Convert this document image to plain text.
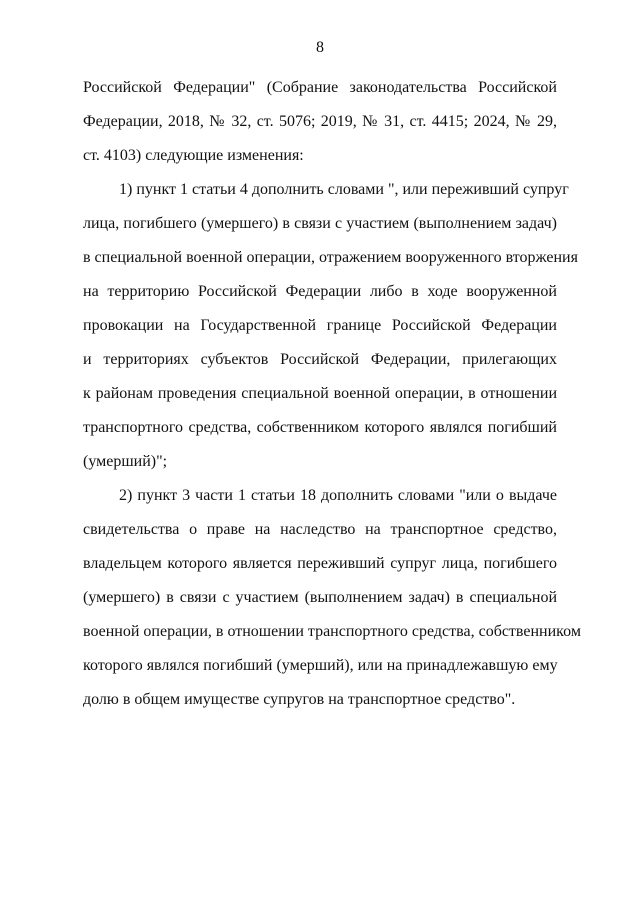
8
Российской Федерации" (Собрание законодательства Российской
Федерации, 2018, № 32, ст. 5076; 2019, № 31, ст. 4415; 2024, № 29,
ст. 4103) следующие изменения:
1) пункт 1 статьи 4 дополнить словами ", или переживший супруг
лица, погибшего (умершего) в связи с участием (выполнением задач)
в специальной военной операции, отражением вооруженного вторжения
на территорию Российской Федерации либо в ходе вооруженной
провокации на Государственной границе Российской Федерации
и территориях субъектов Российской Федерации, прилегающих
к районам проведения специальной военной операции, в отношении
транспортного средства, собственником которого являлся погибший
(умерший)";
2) пункт 3 части 1 статьи 18 дополнить словами "или о выдаче
свидетельства о праве на наследство на транспортное средство,
владельцем которого является переживший супруг лица, погибшего
(умершего) в связи с участием (выполнением задач) в специальной
военной операции, в отношении транспортного средства, собственником
которого являлся погибший (умерший), или на принадлежавшую ему
долю в общем имуществе супругов на транспортное средство".
